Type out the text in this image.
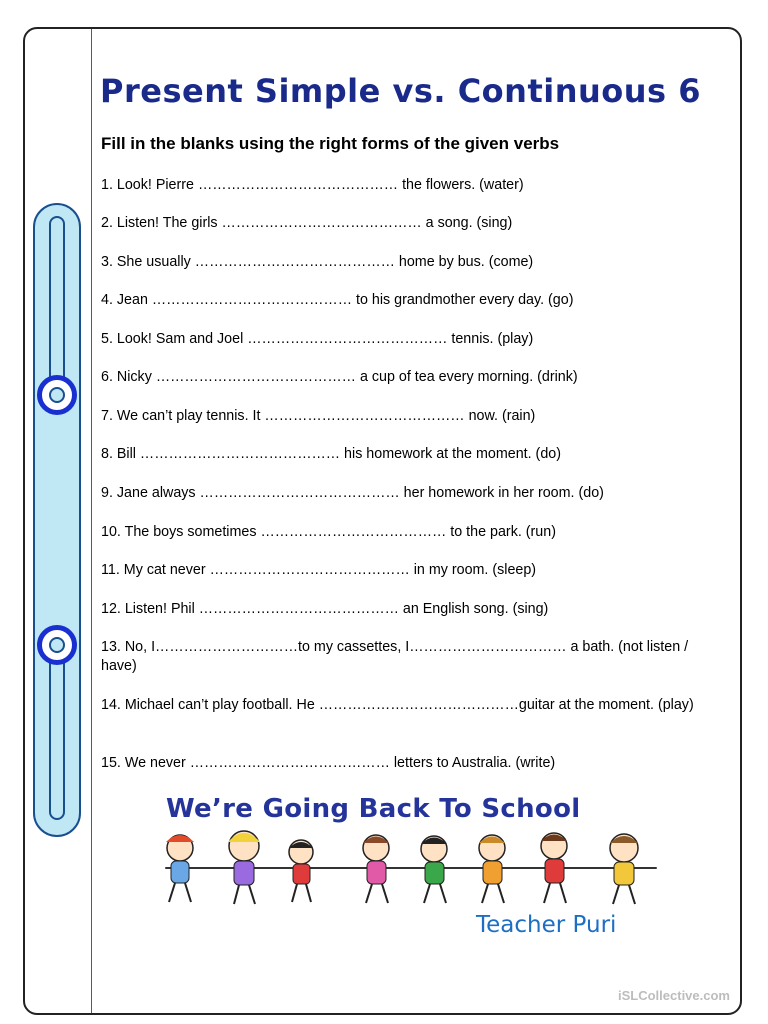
Present Simple vs. Continuous 6

Fill in the blanks using the right forms of the given verbs

1. Look! Pierre …………………………………… the flowers. (water)

2. Listen! The girls …………………………………… a song. (sing)

3. She usually …………………………………… home by bus. (come)

4. Jean …………………………………… to his grandmother every day. (go)

5. Look! Sam and Joel …………………………………… tennis. (play)

6. Nicky …………………………………… a cup of tea every morning. (drink)

7. We can’t play tennis. It …………………………………… now. (rain)

8. Bill …………………………………… his homework at the moment. (do)

9. Jane always …………………………………… her homework in her room. (do)

10. The boys sometimes ………………………………… to the park. (run)

11. My cat never …………………………………… in my room. (sleep)

12. Listen! Phil …………………………………… an English song. (sing)

13. No, I…………………………to my cassettes, I…………………………… a bath. (not listen / have)

14. Michael can’t play football. He ……………………………………guitar at the moment. (play)

15. We never …………………………………… letters to Australia. (write)

We’re Going Back To School

Teacher Puri

iSLCollective.com
